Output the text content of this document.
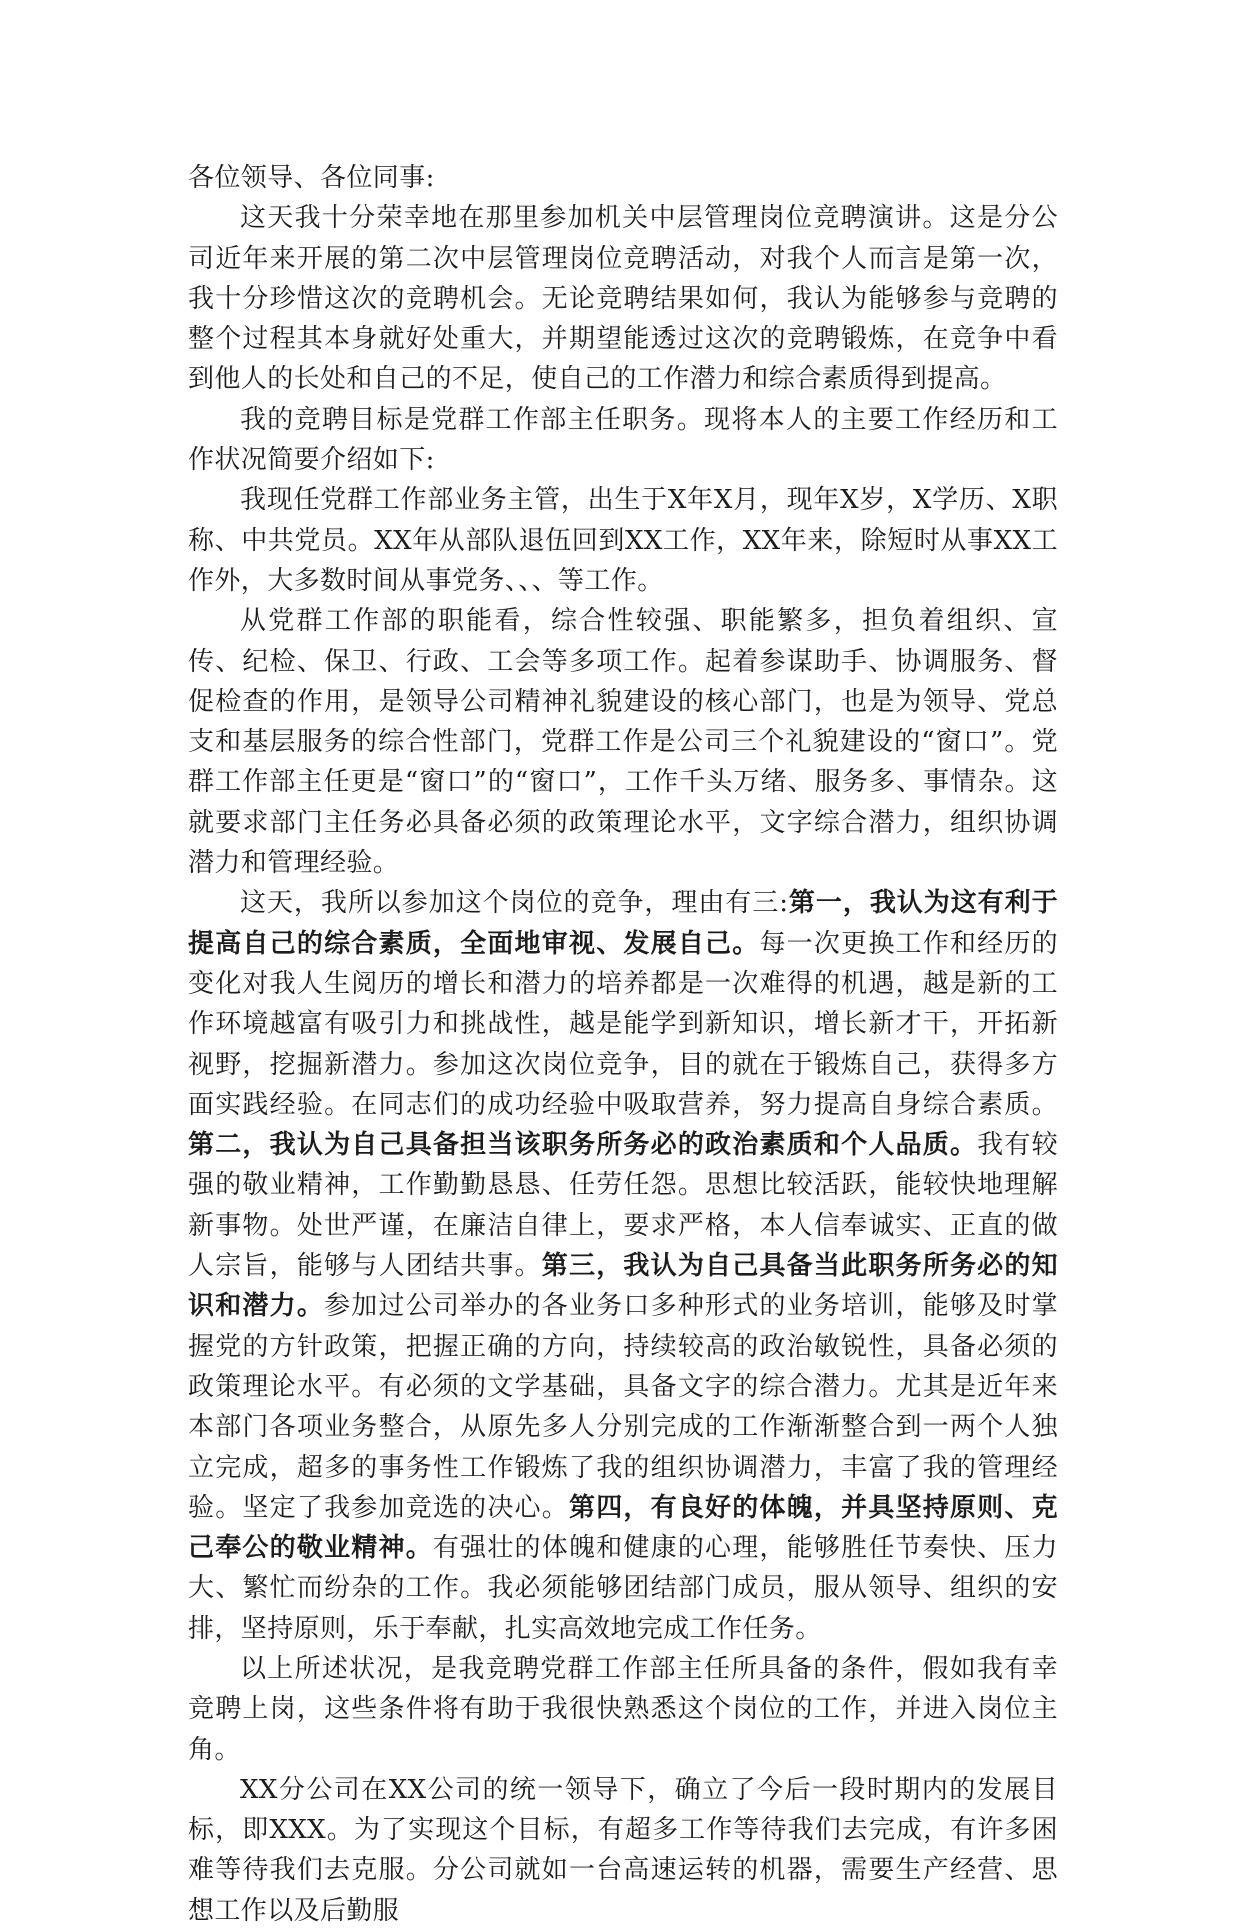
各位领导、各位同事:

这天我十分荣幸地在那里参加机关中层管理岗位竞聘演讲。这是分公司近年来开展的第二次中层管理岗位竞聘活动，对我个人而言是第一次，我十分珍惜这次的竞聘机会。无论竞聘结果如何，我认为能够参与竞聘的整个过程其本身就好处重大，并期望能透过这次的竞聘锻炼，在竞争中看到他人的长处和自己的不足，使自己的工作潜力和综合素质得到提高。

我的竞聘目标是党群工作部主任职务。现将本人的主要工作经历和工作状况简要介绍如下:

我现任党群工作部业务主管，出生于X年X月，现年X岁，X学历、X职称、中共党员。XX年从部队退伍回到XX工作，XX年来，除短时从事XX工作外，大多数时间从事党务、、、等工作。

从党群工作部的职能看，综合性较强、职能繁多，担负着组织、宣传、纪检、保卫、行政、工会等多项工作。起着参谋助手、协调服务、督促检查的作用，是领导公司精神礼貌建设的核心部门，也是为领导、党总支和基层服务的综合性部门，党群工作是公司三个礼貌建设的“窗口”。党群工作部主任更是“窗口”的“窗口”，工作千头万绪、服务多、事情杂。这就要求部门主任务必具备必须的政策理论水平，文字综合潜力，组织协调潜力和管理经验。

这天，我所以参加这个岗位的竞争，理由有三:第一，我认为这有利于提高自己的综合素质，全面地审视、发展自己。每一次更换工作和经历的变化对我人生阅历的增长和潜力的培养都是一次难得的机遇，越是新的工作环境越富有吸引力和挑战性，越是能学到新知识，增长新才干，开拓新视野，挖掘新潜力。参加这次岗位竞争，目的就在于锻炼自己，获得多方面实践经验。在同志们的成功经验中吸取营养，努力提高自身综合素质。第二，我认为自己具备担当该职务所务必的政治素质和个人品质。我有较强的敬业精神，工作勤勤恳恳、任劳任怨。思想比较活跃，能较快地理解新事物。处世严谨，在廉洁自律上，要求严格，本人信奉诚实、正直的做人宗旨，能够与人团结共事。第三，我认为自己具备当此职务所务必的知识和潜力。参加过公司举办的各业务口多种形式的业务培训，能够及时掌握党的方针政策，把握正确的方向，持续较高的政治敏锐性，具备必须的政策理论水平。有必须的文学基础，具备文字的综合潜力。尤其是近年来本部门各项业务整合，从原先多人分别完成的工作渐渐整合到一两个人独立完成，超多的事务性工作锻炼了我的组织协调潜力，丰富了我的管理经验。坚定了我参加竞选的决心。第四，有良好的体魄，并具坚持原则、克己奉公的敬业精神。有强壮的体魄和健康的心理，能够胜任节奏快、压力大、繁忙而纷杂的工作。我必须能够团结部门成员，服从领导、组织的安排，坚持原则，乐于奉献，扎实高效地完成工作任务。

以上所述状况，是我竞聘党群工作部主任所具备的条件，假如我有幸竞聘上岗，这些条件将有助于我很快熟悉这个岗位的工作，并进入岗位主角。

XX分公司在XX公司的统一领导下，确立了今后一段时期内的发展目标，即XXX。为了实现这个目标，有超多工作等待我们去完成，有许多困难等待我们去克服。分公司就如一台高速运转的机器，需要生产经营、思想工作以及后勤服
